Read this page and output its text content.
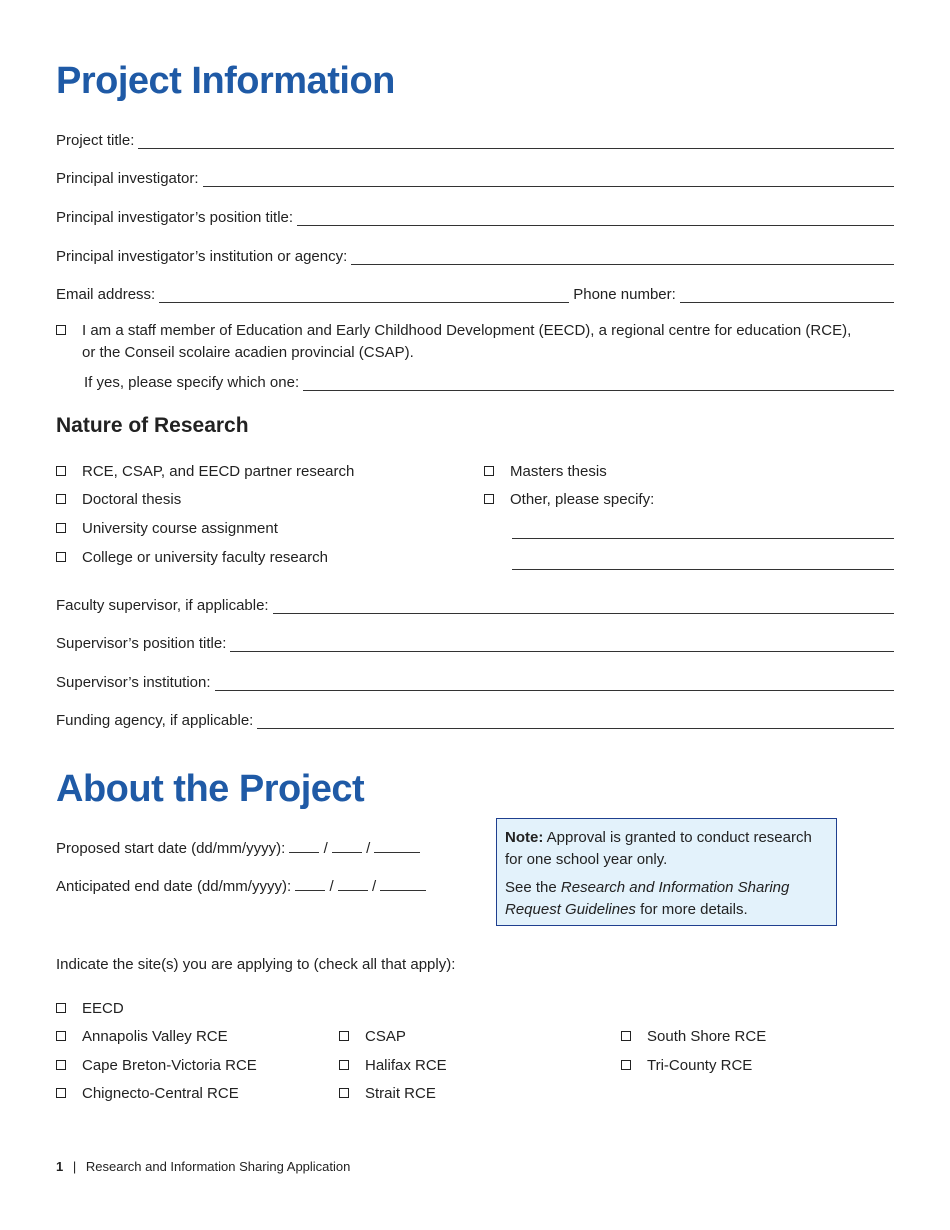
Project Information
Project title:
Principal investigator:
Principal investigator’s position title:
Principal investigator’s institution or agency:
Email address:	Phone number:
I am a staff member of Education and Early Childhood Development (EECD), a regional centre for education (RCE),
or the Conseil scolaire acadien provincial (CSAP).
If yes, please specify which one:
Nature of Research
RCE, CSAP, and EECD partner research
Doctoral thesis
University course assignment
College or university faculty research
Masters thesis
Other, please specify:
Faculty supervisor, if applicable:
Supervisor’s position title:
Supervisor’s institution:
Funding agency, if applicable:
About the Project
Proposed start date (dd/mm/yyyy):	/	/
Anticipated end date (dd/mm/yyyy):	/	/

Note: Approval is granted to conduct research for one school year only.

See the Research and Information Sharing Request Guidelines for more details.

Indicate the site(s) you are applying to (check all that apply):
EECD
Annapolis Valley RCE
Cape Breton-Victoria RCE
Chignecto-Central RCE
CSAP
Halifax RCE
Strait RCE
South Shore RCE
Tri-County RCE
1 | Research and Information Sharing Application
